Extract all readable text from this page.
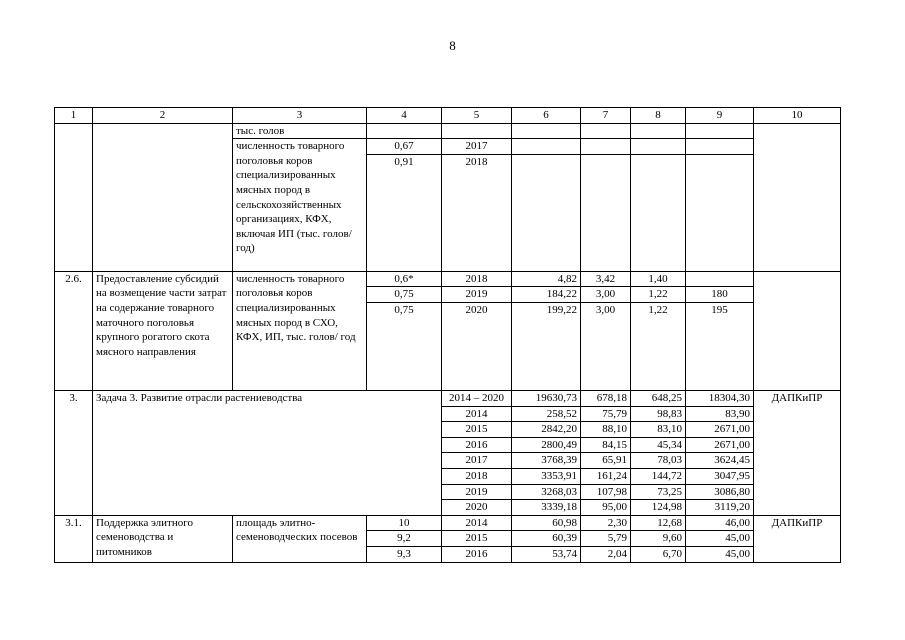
8
1	2	3	4	5	6	7	8	9	10
		тыс. голов							
		численность товарного поголовья коров специализированных мясных пород в сельскохозяйственных организациях, КФХ, включая ИП (тыс. голов/ год)	0,67	2017					
			0,91	2018					
2.6.	Предоставление субсидий на возмещение части затрат на содержание товарного маточного поголовья крупного рогатого скота мясного направления	численность товарного поголовья коров специализированных мясных пород в СХО, КФХ, ИП, тыс. голов/ год	0,6*	2018	4,82	3,42	1,40		
			0,75	2019	184,22	3,00	1,22	180	
			0,75	2020	199,22	3,00	1,22	195	
3.	Задача 3. Развитие отрасли растениеводства			2014 – 2020	19630,73	678,18	648,25	18304,30	ДАПКиПР
				2014	258,52	75,79	98,83	83,90	
				2015	2842,20	88,10	83,10	2671,00	
				2016	2800,49	84,15	45,34	2671,00	
				2017	3768,39	65,91	78,03	3624,45	
				2018	3353,91	161,24	144,72	3047,95	
				2019	3268,03	107,98	73,25	3086,80	
				2020	3339,18	95,00	124,98	3119,20	
3.1.	Поддержка элитного семеноводства и питомников	площадь элитно-семеноводческих посевов	10	2014	60,98	2,30	12,68	46,00	ДАПКиПР
			9,2	2015	60,39	5,79	9,60	45,00	
			9,3	2016	53,74	2,04	6,70	45,00	
